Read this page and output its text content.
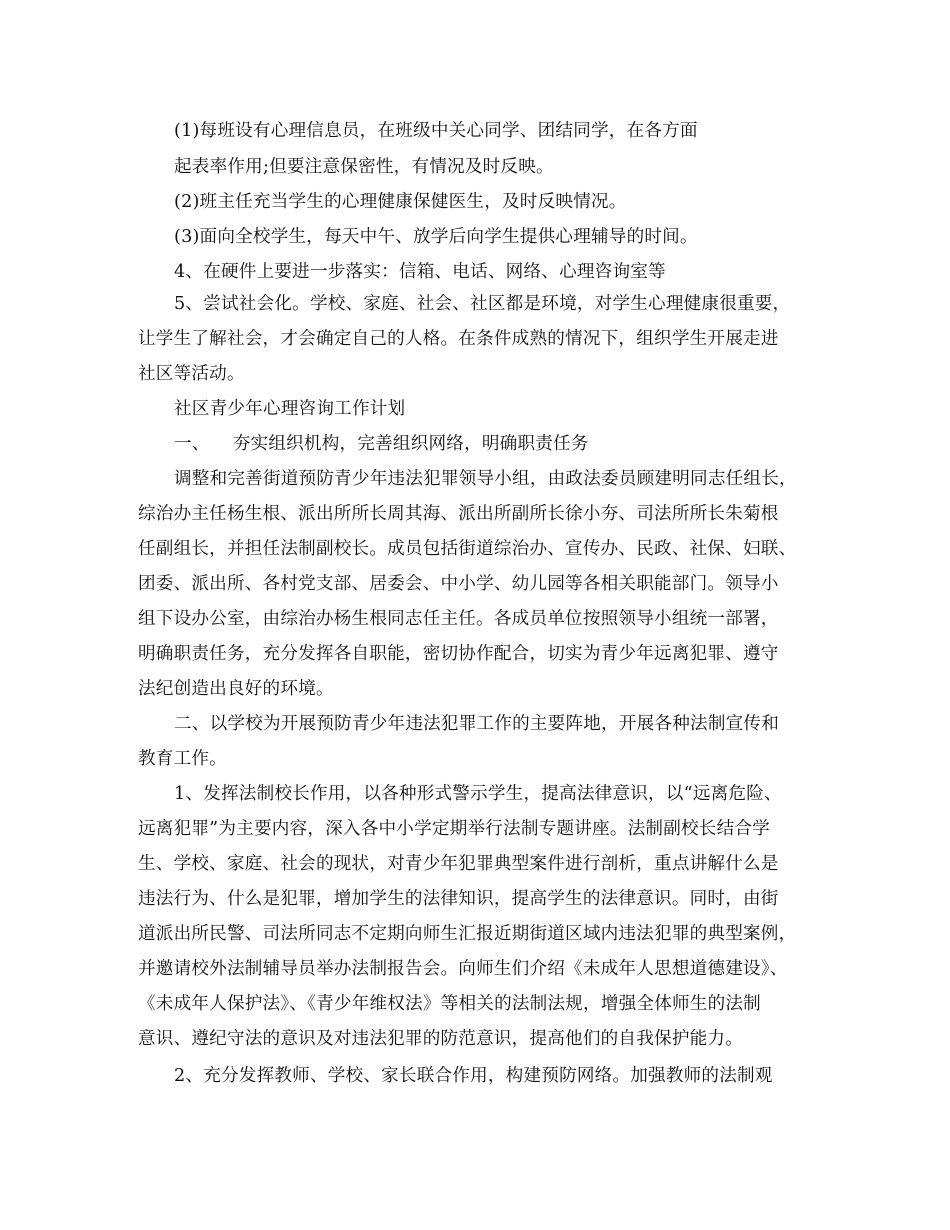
(1)每班设有心理信息员，在班级中关心同学、团结同学，在各方面
起表率作用;但要注意保密性，有情况及时反映。
(2)班主任充当学生的心理健康保健医生，及时反映情况。
(3)面向全校学生，每天中午、放学后向学生提供心理辅导的时间。
4、在硬件上要进一步落实：信箱、电话、网络、心理咨询室等
5、尝试社会化。学校、家庭、社会、社区都是环境，对学生心理健康很重要，
让学生了解社会，才会确定自己的人格。在条件成熟的情况下，组织学生开展走进
社区等活动。
社区青少年心理咨询工作计划
一、    夯实组织机构，完善组织网络，明确职责任务
调整和完善街道预防青少年违法犯罪领导小组，由政法委员顾建明同志任组长，
综治办主任杨生根、派出所所长周其海、派出所副所长徐小夯、司法所所长朱菊根
任副组长，并担任法制副校长。成员包括街道综治办、宣传办、民政、社保、妇联、
团委、派出所、各村党支部、居委会、中小学、幼儿园等各相关职能部门。领导小
组下设办公室，由综治办杨生根同志任主任。各成员单位按照领导小组统一部署，
明确职责任务，充分发挥各自职能，密切协作配合，切实为青少年远离犯罪、遵守
法纪创造出良好的环境。
二、以学校为开展预防青少年违法犯罪工作的主要阵地，开展各种法制宣传和
教育工作。
1、发挥法制校长作用，以各种形式警示学生，提高法律意识，以“远离危险、
远离犯罪”为主要内容，深入各中小学定期举行法制专题讲座。法制副校长结合学
生、学校、家庭、社会的现状，对青少年犯罪典型案件进行剖析，重点讲解什么是
违法行为、什么是犯罪，增加学生的法律知识，提高学生的法律意识。同时，由街
道派出所民警、司法所同志不定期向师生汇报近期街道区域内违法犯罪的典型案例，
并邀请校外法制辅导员举办法制报告会。向师生们介绍《未成年人思想道德建设》、
《未成年人保护法》、《青少年维权法》等相关的法制法规，增强全体师生的法制
意识、遵纪守法的意识及对违法犯罪的防范意识，提高他们的自我保护能力。
2、充分发挥教师、学校、家长联合作用，构建预防网络。加强教师的法制观
